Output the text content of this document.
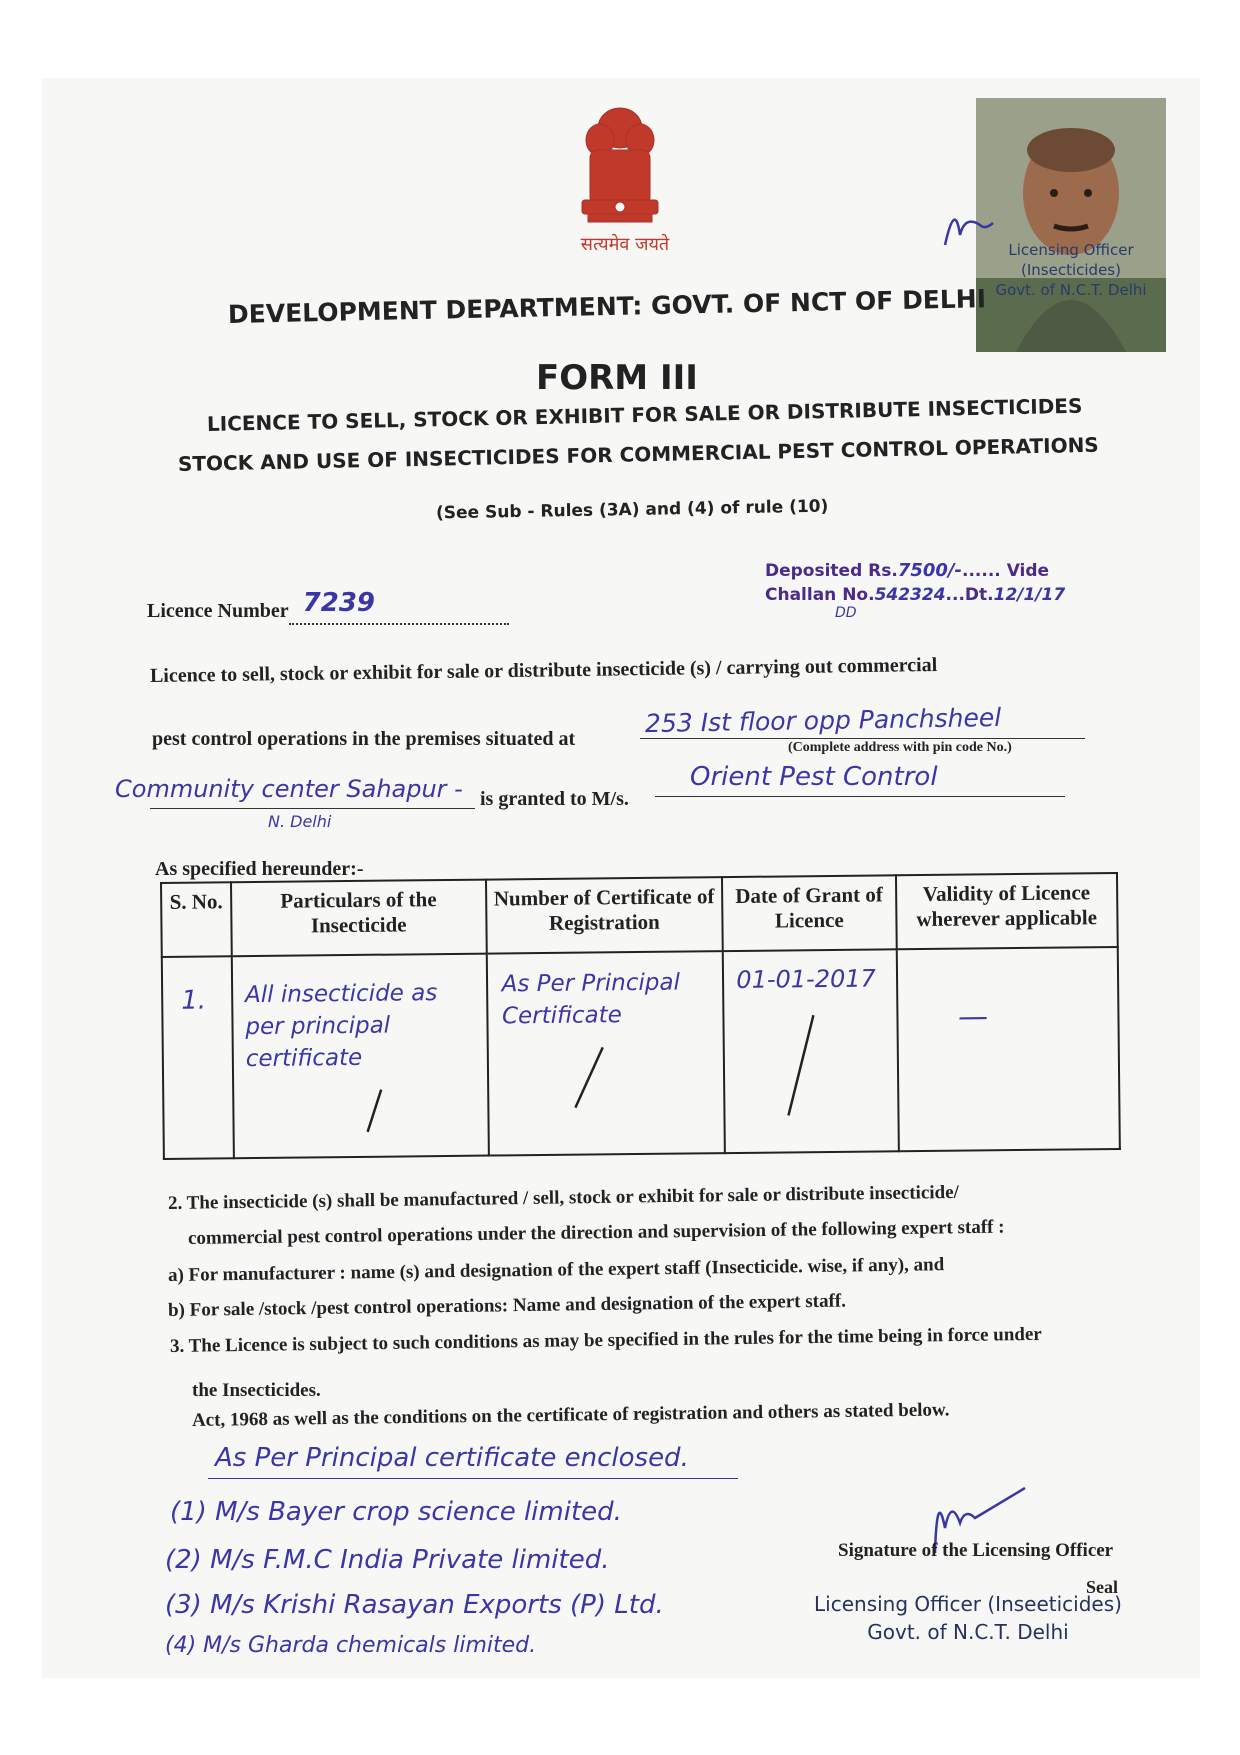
सत्यमेव जयते	Licensing Officer (Insecticides)
Govt. of N.C.T. Delhi
DEVELOPMENT DEPARTMENT: GOVT. OF NCT OF DELHI
FORM III
LICENCE TO SELL, STOCK OR EXHIBIT FOR SALE OR DISTRIBUTE INSECTICIDES
STOCK AND USE OF INSECTICIDES FOR COMMERCIAL PEST CONTROL OPERATIONS
(See Sub - Rules (3A) and (4) of rule (10)
Deposited Rs.7500/-...... Vide
Challan No.542324...Dt.12/1/17
DD
Licence Number 7239

Licence to sell, stock or exhibit for sale or distribute insecticide (s) / carrying out commercial
pest control operations in the premises situated at
253 Ist floor opp Panchsheel
(Complete address with pin code No.)
Community center Sahapur -
N. Delhi
is granted to M/s.
Orient Pest Control
As specified hereunder:-
S. No.	Particulars of the Insecticide	Number of Certificate of Registration	Date of Grant of Licence	Validity of Licence wherever applicable

1.	All insecticide as per principal certificate	As Per Principal Certificate	01-01-2017	—
2. The insecticide (s) shall be manufactured / sell, stock or exhibit for sale or distribute insecticide/
commercial pest control operations under the direction and supervision of the following expert staff :
a) For manufacturer : name (s) and designation of the expert staff (Insecticide. wise, if any), and
b) For sale /stock /pest control operations: Name and designation of the expert staff.
3. The Licence is subject to such conditions as may be specified in the rules for the time being in force under
the Insecticides.
Act, 1968 as well as the conditions on the certificate of registration and others as stated below.
As Per Principal certificate enclosed.
(1) M/s Bayer crop science limited.
(2) M/s F.M.C India Private limited.
(3) M/s Krishi Rasayan Exports (P) Ltd.
(4) M/s Gharda chemicals limited.
Signature of the Licensing Officer
Seal
Licensing Officer (Inseeticides)
Govt. of N.C.T. Delhi
